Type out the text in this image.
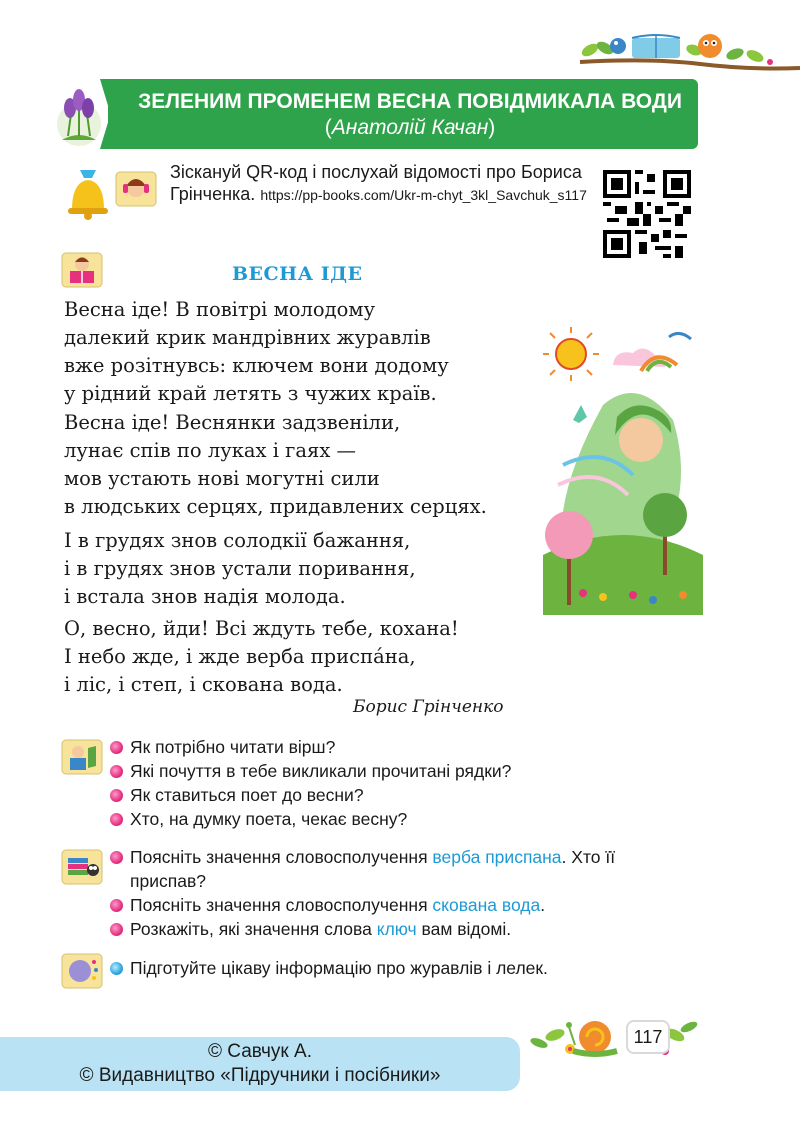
ЗЕЛЕНИМ ПРОМЕНЕМ ВЕСНА ПОВІДМИКАЛА ВОДИ (Анатолій Качан)
Зіскануй QR-код і послухай відомості про Бориса Грінченка. https://pp-books.com/Ukr-m-chyt_3kl_Savchuk_s117
ВЕСНА ІДЕ
Весна іде! В повітрі молодому
далекий крик мандрівних журавлів
вже розітнувсь: ключем вони додому
у рідний край летять з чужих країв.
Весна іде! Веснянки задзвеніли,
лунає спів по луках і гаях —
мов устають нові могутні сили
в людських серцях, придавлених серцях.
І в грудях знов солодкії бажання,
і в грудях знов устали поривання,
і встала знов надія молода.
О, весно, йди! Всі ждуть тебе, кохана!
І небо жде, і жде верба приспáна,
і ліс, і степ, і скована вода.
Борис Грінченко
Як потрібно читати вірш?
Які почуття в тебе викликали прочитані рядки?
Як ставиться поет до весни?
Хто, на думку поета, чекає весну?
Поясніть значення словосполучення верба приспана. Хто її
приспав?
Поясніть значення словосполучення скована вода.
Розкажіть, які значення слова ключ вам відомі.
Підготуйте цікаву інформацію про журавлів і лелек.
© Савчук А.
© Видавництво «Підручники і посібники»
117
